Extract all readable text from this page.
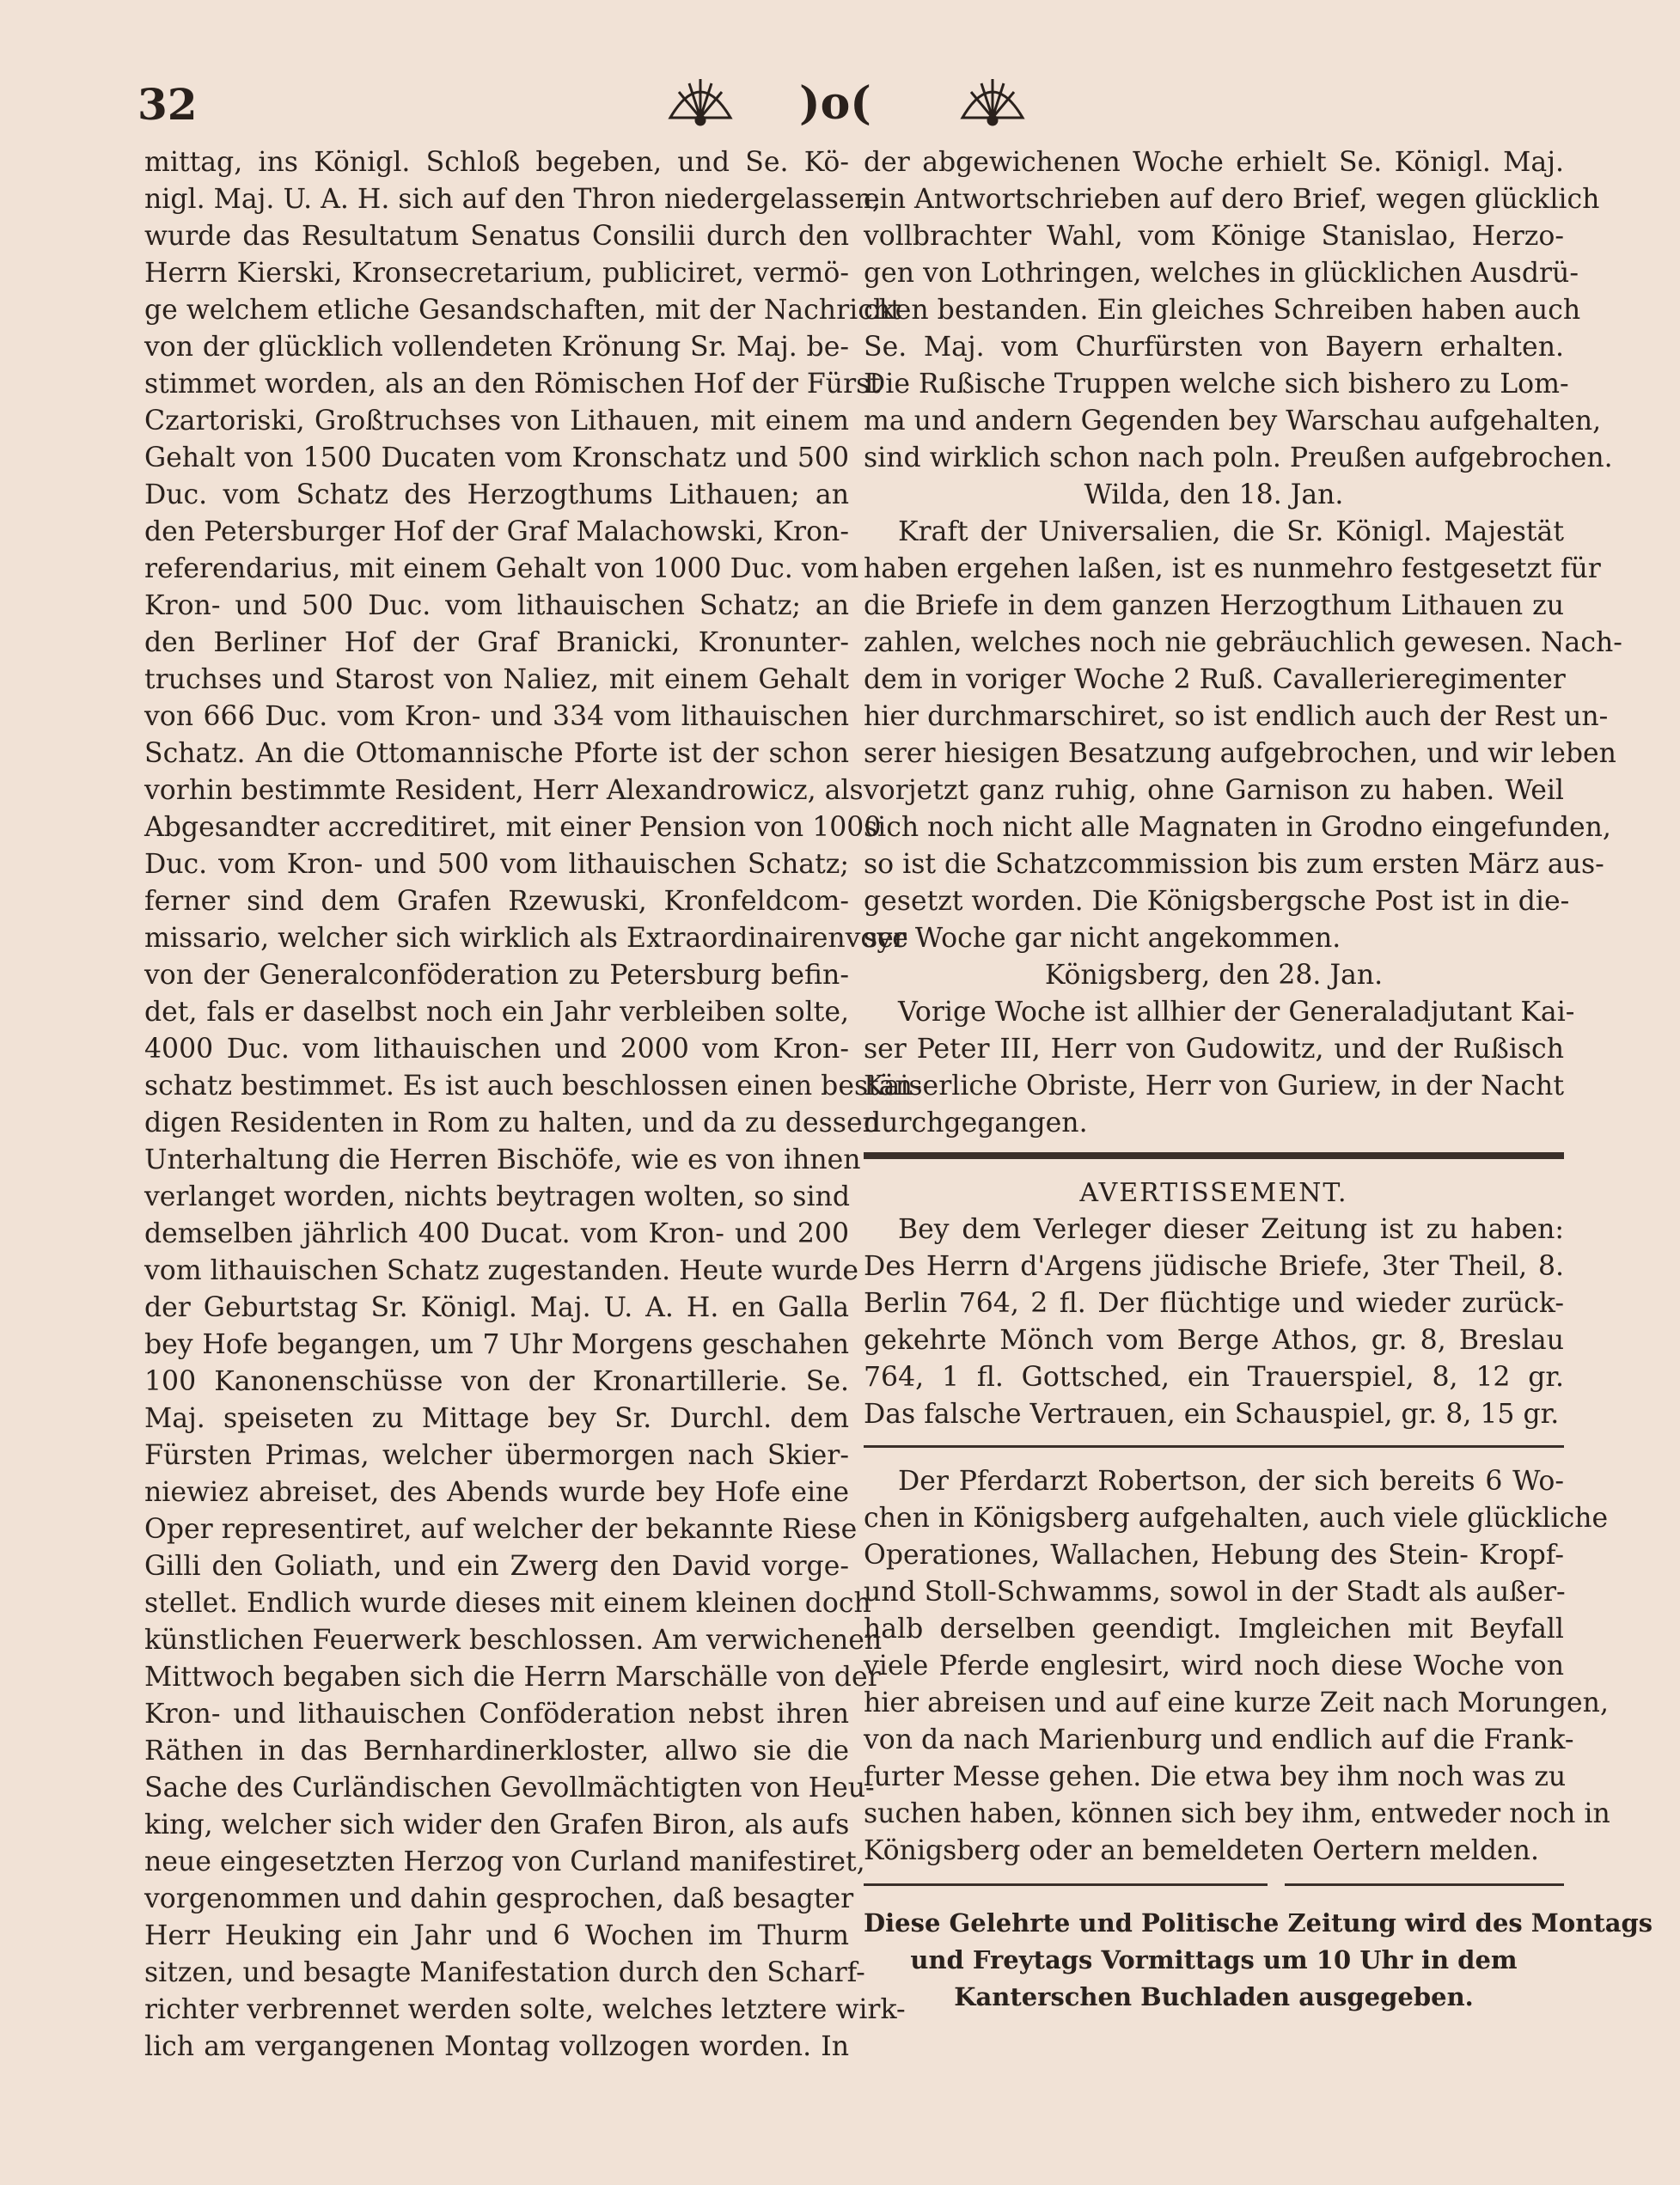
32	)o(
mittag, ins Königl. Schloß begeben, und Se. Kö-
nigl. Maj. U. A. H. sich auf den Thron niedergelassen,
wurde das Resultatum Senatus Consilii durch den
Herrn Kierski, Kronsecretarium, publiciret, vermö-
ge welchem etliche Gesandschaften, mit der Nachricht
von der glücklich vollendeten Krönung Sr. Maj. be-
stimmet worden, als an den Römischen Hof der Fürst
Czartoriski, Großtruchses von Lithauen, mit einem
Gehalt von 1500 Ducaten vom Kronschatz und 500
Duc. vom Schatz des Herzogthums Lithauen; an
den Petersburger Hof der Graf Malachowski, Kron-
referendarius, mit einem Gehalt von 1000 Duc. vom
Kron- und 500 Duc. vom lithauischen Schatz; an
den Berliner Hof der Graf Branicki, Kronunter-
truchses und Starost von Naliez, mit einem Gehalt
von 666 Duc. vom Kron- und 334 vom lithauischen
Schatz. An die Ottomannische Pforte ist der schon
vorhin bestimmte Resident, Herr Alexandrowicz, als
Abgesandter accreditiret, mit einer Pension von 1000
Duc. vom Kron- und 500 vom lithauischen Schatz;
ferner sind dem Grafen Rzewuski, Kronfeldcom-
missario, welcher sich wirklich als Extraordinairenvoye
von der Generalconföderation zu Petersburg befin-
det, fals er daselbst noch ein Jahr verbleiben solte,
4000 Duc. vom lithauischen und 2000 vom Kron-
schatz bestimmet. Es ist auch beschlossen einen bestän-
digen Residenten in Rom zu halten, und da zu dessen
Unterhaltung die Herren Bischöfe, wie es von ihnen
verlanget worden, nichts beytragen wolten, so sind
demselben jährlich 400 Ducat. vom Kron- und 200
vom lithauischen Schatz zugestanden. Heute wurde
der Geburtstag Sr. Königl. Maj. U. A. H. en Galla
bey Hofe begangen, um 7 Uhr Morgens geschahen
100 Kanonenschüsse von der Kronartillerie. Se.
Maj. speiseten zu Mittage bey Sr. Durchl. dem
Fürsten Primas, welcher übermorgen nach Skier-
niewiez abreiset, des Abends wurde bey Hofe eine
Oper representiret, auf welcher der bekannte Riese
Gilli den Goliath, und ein Zwerg den David vorge-
stellet. Endlich wurde dieses mit einem kleinen doch
künstlichen Feuerwerk beschlossen. Am verwichenen
Mittwoch begaben sich die Herrn Marschälle von der
Kron- und lithauischen Conföderation nebst ihren
Räthen in das Bernhardinerkloster, allwo sie die
Sache des Curländischen Gevollmächtigten von Heu-
king, welcher sich wider den Grafen Biron, als aufs
neue eingesetzten Herzog von Curland manifestiret,
vorgenommen und dahin gesprochen, daß besagter
Herr Heuking ein Jahr und 6 Wochen im Thurm
sitzen, und besagte Manifestation durch den Scharf-
richter verbrennet werden solte, welches letztere wirk-
lich am vergangenen Montag vollzogen worden. In
der abgewichenen Woche erhielt Se. Königl. Maj.
ein Antwortschrieben auf dero Brief, wegen glücklich
vollbrachter Wahl, vom Könige Stanislao, Herzo-
gen von Lothringen, welches in glücklichen Ausdrü-
cken bestanden. Ein gleiches Schreiben haben auch
Se. Maj. vom Churfürsten von Bayern erhalten.
Die Rußische Truppen welche sich bishero zu Lom-
ma und andern Gegenden bey Warschau aufgehalten,
sind wirklich schon nach poln. Preußen aufgebrochen.
Wilda, den 18. Jan.
Kraft der Universalien, die Sr. Königl. Majestät
haben ergehen laßen, ist es nunmehro festgesetzt für
die Briefe in dem ganzen Herzogthum Lithauen zu
zahlen, welches noch nie gebräuchlich gewesen. Nach-
dem in voriger Woche 2 Ruß. Cavallerieregimenter
hier durchmarschiret, so ist endlich auch der Rest un-
serer hiesigen Besatzung aufgebrochen, und wir leben
vorjetzt ganz ruhig, ohne Garnison zu haben. Weil
sich noch nicht alle Magnaten in Grodno eingefunden,
so ist die Schatzcommission bis zum ersten März aus-
gesetzt worden. Die Königsbergsche Post ist in die-
ser Woche gar nicht angekommen.
Königsberg, den 28. Jan.
Vorige Woche ist allhier der Generaladjutant Kai-
ser Peter III, Herr von Gudowitz, und der Rußisch
Kaiserliche Obriste, Herr von Guriew, in der Nacht
durchgegangen.
AVERTISSEMENT.
Bey dem Verleger dieser Zeitung ist zu haben:
Des Herrn d'Argens jüdische Briefe, 3ter Theil, 8.
Berlin 764, 2 fl. Der flüchtige und wieder zurück-
gekehrte Mönch vom Berge Athos, gr. 8, Breslau
764, 1 fl. Gottsched, ein Trauerspiel, 8, 12 gr.
Das falsche Vertrauen, ein Schauspiel, gr. 8, 15 gr.
Der Pferdarzt Robertson, der sich bereits 6 Wo-
chen in Königsberg aufgehalten, auch viele glückliche
Operationes, Wallachen, Hebung des Stein- Kropf-
und Stoll-Schwamms, sowol in der Stadt als außer-
halb derselben geendigt. Imgleichen mit Beyfall
viele Pferde englesirt, wird noch diese Woche von
hier abreisen und auf eine kurze Zeit nach Morungen,
von da nach Marienburg und endlich auf die Frank-
furter Messe gehen. Die etwa bey ihm noch was zu
suchen haben, können sich bey ihm, entweder noch in
Königsberg oder an bemeldeten Oertern melden.
Diese Gelehrte und Politische Zeitung wird des Montags
und Freytags Vormittags um 10 Uhr in dem
Kanterschen Buchladen ausgegeben.
